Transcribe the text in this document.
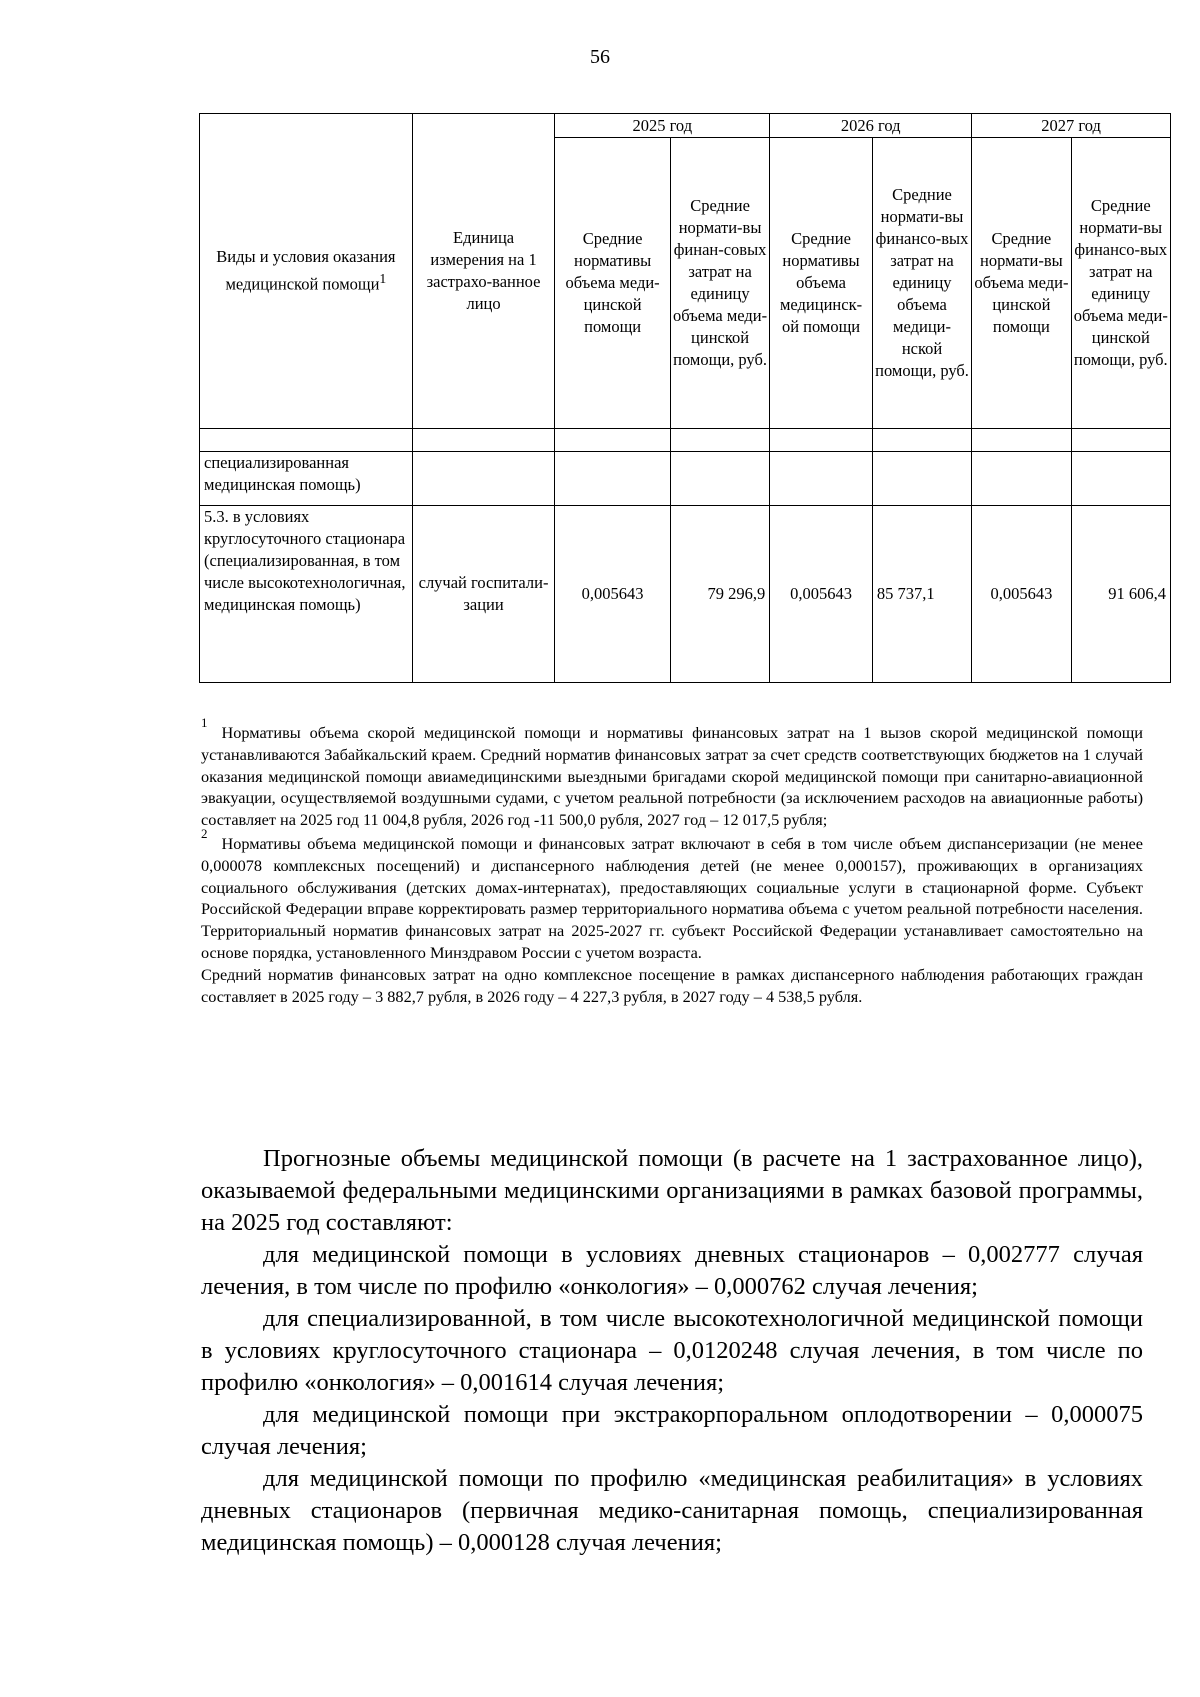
56
Виды и условия оказания медицинской помощи$^1$	Единица измерения на 1 застрахо-ванное лицо	2025 год		2026 год		2027 год	
		Средние нормативы объема меди-цинской помощи	Средние нормати-вы финан-совых затрат на единицу объема меди-цинской помощи, руб.	Средние нормативы объема медицинск-ой помощи	Средние нормати-вы финансо-вых затрат на единицу объема медици-нской помощи, руб.	Средние нормати-вы объема меди-цинской помощи	Средние нормати-вы финансо-вых затрат на единицу объема меди-цинской помощи, руб.

специализированная медицинская помощь)							
5.3. в условиях круглосуточного стационара (специализированная, в том числе высокотехнологичная, медицинская помощь)	случай госпитали-зации	0,005643	79 296,9	0,005643	85 737,1	0,005643	91 606,4

$^1$Нормативы объема скорой медицинской помощи и нормативы финансовых затрат на 1 вызов скорой медицинской помощи устанавливаются Забайкальский краем. Средний норматив финансовых затрат за счет средств соответствующих бюджетов на 1 случай оказания медицинской помощи авиамедицинскими выездными бригадами скорой медицинской помощи при санитарно-авиационной эвакуации, осуществляемой воздушными судами, с учетом реальной потребности (за исключением расходов на авиационные работы) составляет на 2025 год 11 004,8 рубля, 2026 год -11 500,0 рубля, 2027 год – 12 017,5 рубля;

$^2$Нормативы объема медицинской помощи и финансовых затрат включают в себя в том числе объем диспансеризации (не менее 0,000078 комплексных посещений) и диспансерного наблюдения детей (не менее 0,000157), проживающих в организациях социального обслуживания (детских домах-интернатах), предоставляющих социальные услуги в стационарной форме. Субъект Российской Федерации вправе корректировать размер территориального норматива объема с учетом реальной потребности населения. Территориальный норматив финансовых затрат на 2025-2027 гг. субъект Российской Федерации устанавливает самостоятельно на основе порядка, установленного Минздравом России с учетом возраста.

Средний норматив финансовых затрат на одно комплексное посещение в рамках диспансерного наблюдения работающих граждан составляет в 2025 году – 3 882,7 рубля, в 2026 году – 4 227,3 рубля, в 2027 году – 4 538,5 рубля.

Прогнозные объемы медицинской помощи (в расчете на 1 застрахованное лицо), оказываемой федеральными медицинскими организациями в рамках базовой программы, на 2025 год составляют:

для медицинской помощи в условиях дневных стационаров – 0,002777 случая лечения, в том числе по профилю «онкология» – 0,000762 случая лечения;

для специализированной, в том числе высокотехнологичной медицинской помощи в условиях круглосуточного стационара – 0,0120248 случая лечения, в том числе по профилю «онкология» – 0,001614 случая лечения;

для медицинской помощи при экстракорпоральном оплодотворении – 0,000075 случая лечения;

для медицинской помощи по профилю «медицинская реабилитация» в условиях дневных стационаров (первичная медико-санитарная помощь, специализированная медицинская помощь) – 0,000128 случая лечения;
